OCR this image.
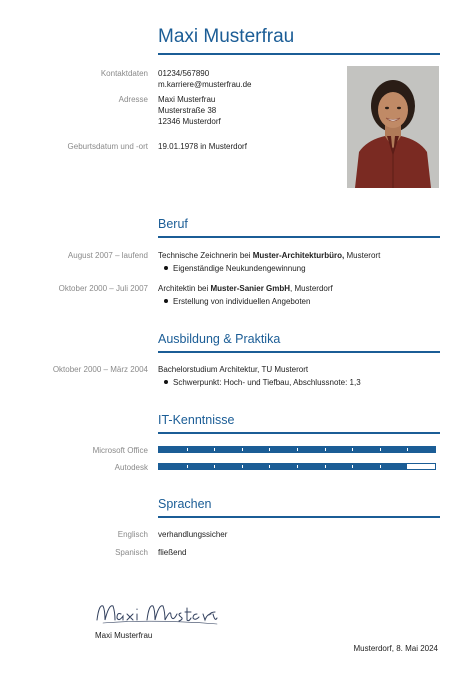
Maxi Musterfrau
Kontaktdaten 01234/567890
m.karriere@musterfrau.de
Adresse Maxi Musterfrau
Musterstraße 38
12346 Musterdorf
Geburtsdatum und -ort 19.01.1978 in Musterdorf
Beruf
August 2007 – laufend Technische Zeichnerin bei Muster-Architekturbüro, Musterort
Eigenständige Neukundengewinnung
Oktober 2000 – Juli 2007 Architektin bei Muster-Sanier GmbH, Musterdorf
Erstellung von individuellen Angeboten
Ausbildung & Praktika
Oktober 2000 – März 2004 Bachelorstudium Architektur, TU Musterort
Schwerpunkt: Hoch- und Tiefbau, Abschlussnote: 1,3
IT-Kenntnisse
Microsoft Office
Autodesk
Sprachen
Englisch verhandlungssicher
Spanisch fließend
Maxi Musterfrau
Musterdorf, 8. Mai 2024
